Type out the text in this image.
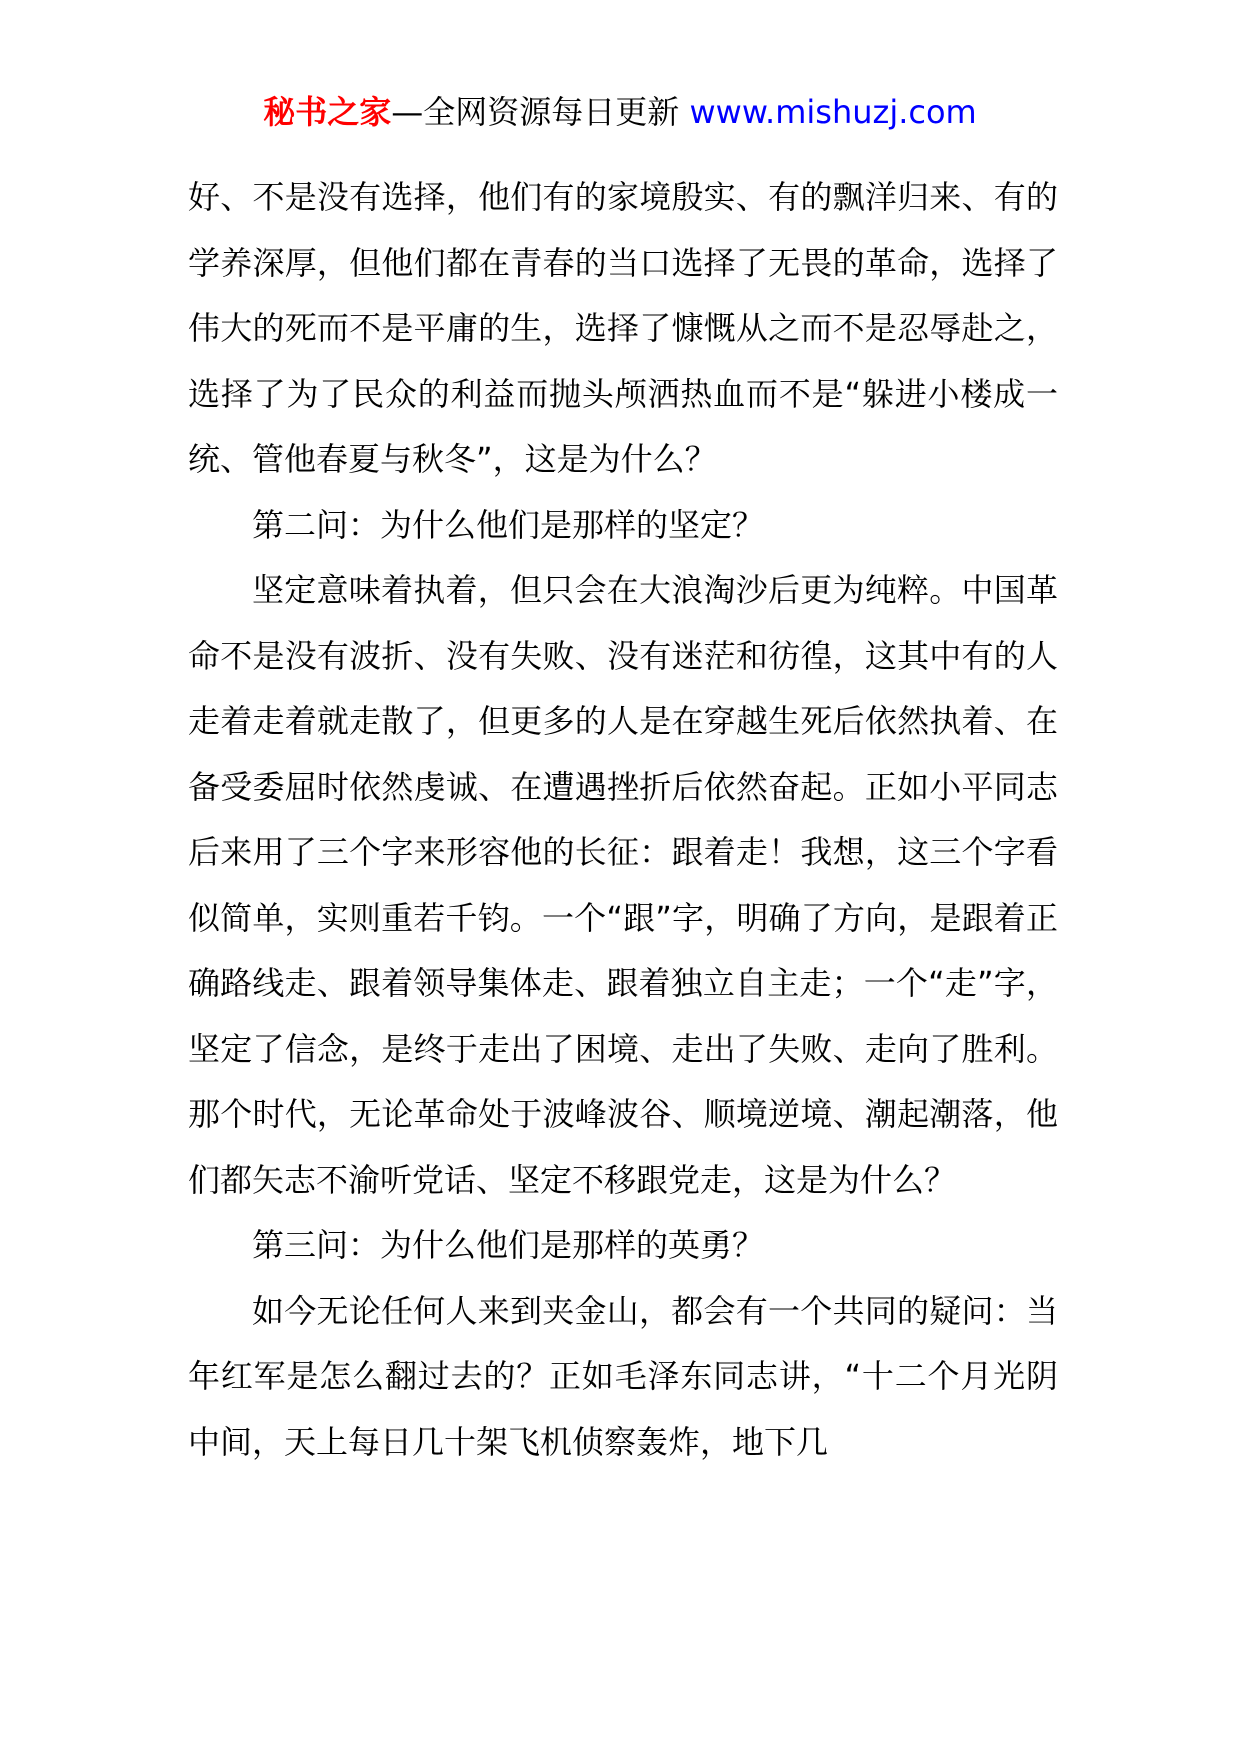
秘书之家—全网资源每日更新 www.mishuzj.com

好、不是没有选择，他们有的家境殷实、有的飘洋归来、有的学养深厚，但他们都在青春的当口选择了无畏的革命，选择了伟大的死而不是平庸的生，选择了慷慨从之而不是忍辱赴之，选择了为了民众的利益而抛头颅洒热血而不是“躲进小楼成一统、管他春夏与秋冬”，这是为什么？

第二问：为什么他们是那样的坚定？

坚定意味着执着，但只会在大浪淘沙后更为纯粹。中国革命不是没有波折、没有失败、没有迷茫和彷徨，这其中有的人走着走着就走散了，但更多的人是在穿越生死后依然执着、在备受委屈时依然虔诚、在遭遇挫折后依然奋起。正如小平同志后来用了三个字来形容他的长征：跟着走！我想，这三个字看似简单，实则重若千钧。一个“跟”字，明确了方向，是跟着正确路线走、跟着领导集体走、跟着独立自主走；一个“走”字，坚定了信念，是终于走出了困境、走出了失败、走向了胜利。那个时代，无论革命处于波峰波谷、顺境逆境、潮起潮落，他们都矢志不渝听党话、坚定不移跟党走，这是为什么？

第三问：为什么他们是那样的英勇？

如今无论任何人来到夹金山，都会有一个共同的疑问：当年红军是怎么翻过去的？正如毛泽东同志讲，“十二个月光阴中间，天上每日几十架飞机侦察轰炸，地下几
